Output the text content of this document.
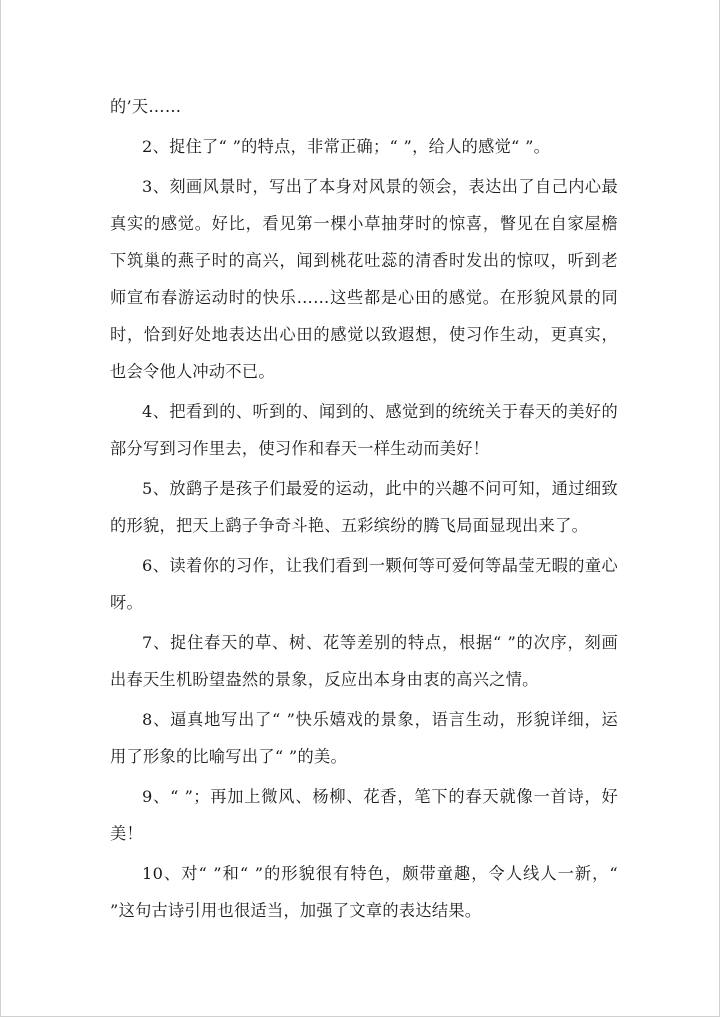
的’天……

2、捉住了“ ”的特点，非常正确；“ ”，给人的感觉“ ”。

3、刻画风景时，写出了本身对风景的领会，表达出了自己内心最真实的感觉。好比，看见第一棵小草抽芽时的惊喜，瞥见在自家屋檐下筑巢的燕子时的高兴，闻到桃花吐蕊的清香时发出的惊叹，听到老师宣布春游运动时的快乐……这些都是心田的感觉。在形貌风景的同时，恰到好处地表达出心田的感觉以致遐想，使习作生动，更真实，也会令他人冲动不已。

4、把看到的、听到的、闻到的、感觉到的统统关于春天的美好的部分写到习作里去，使习作和春天一样生动而美好！

5、放鹞子是孩子们最爱的运动，此中的兴趣不问可知，通过细致的形貌，把天上鹞子争奇斗艳、五彩缤纷的腾飞局面显现出来了。

6、读着你的习作，让我们看到一颗何等可爱何等晶莹无暇的童心呀。

7、捉住春天的草、树、花等差别的特点，根据“ ”的次序，刻画出春天生机盼望盎然的景象，反应出本身由衷的高兴之情。

8、逼真地写出了“ ”快乐嬉戏的景象，语言生动，形貌详细，运用了形象的比喻写出了“ ”的美。

9、“ ”；再加上微风、杨柳、花香，笔下的春天就像一首诗，好美！

10、对“ ”和“ ”的形貌很有特色，颇带童趣，令人线人一新，“ ”这句古诗引用也很适当，加强了文章的表达结果。
